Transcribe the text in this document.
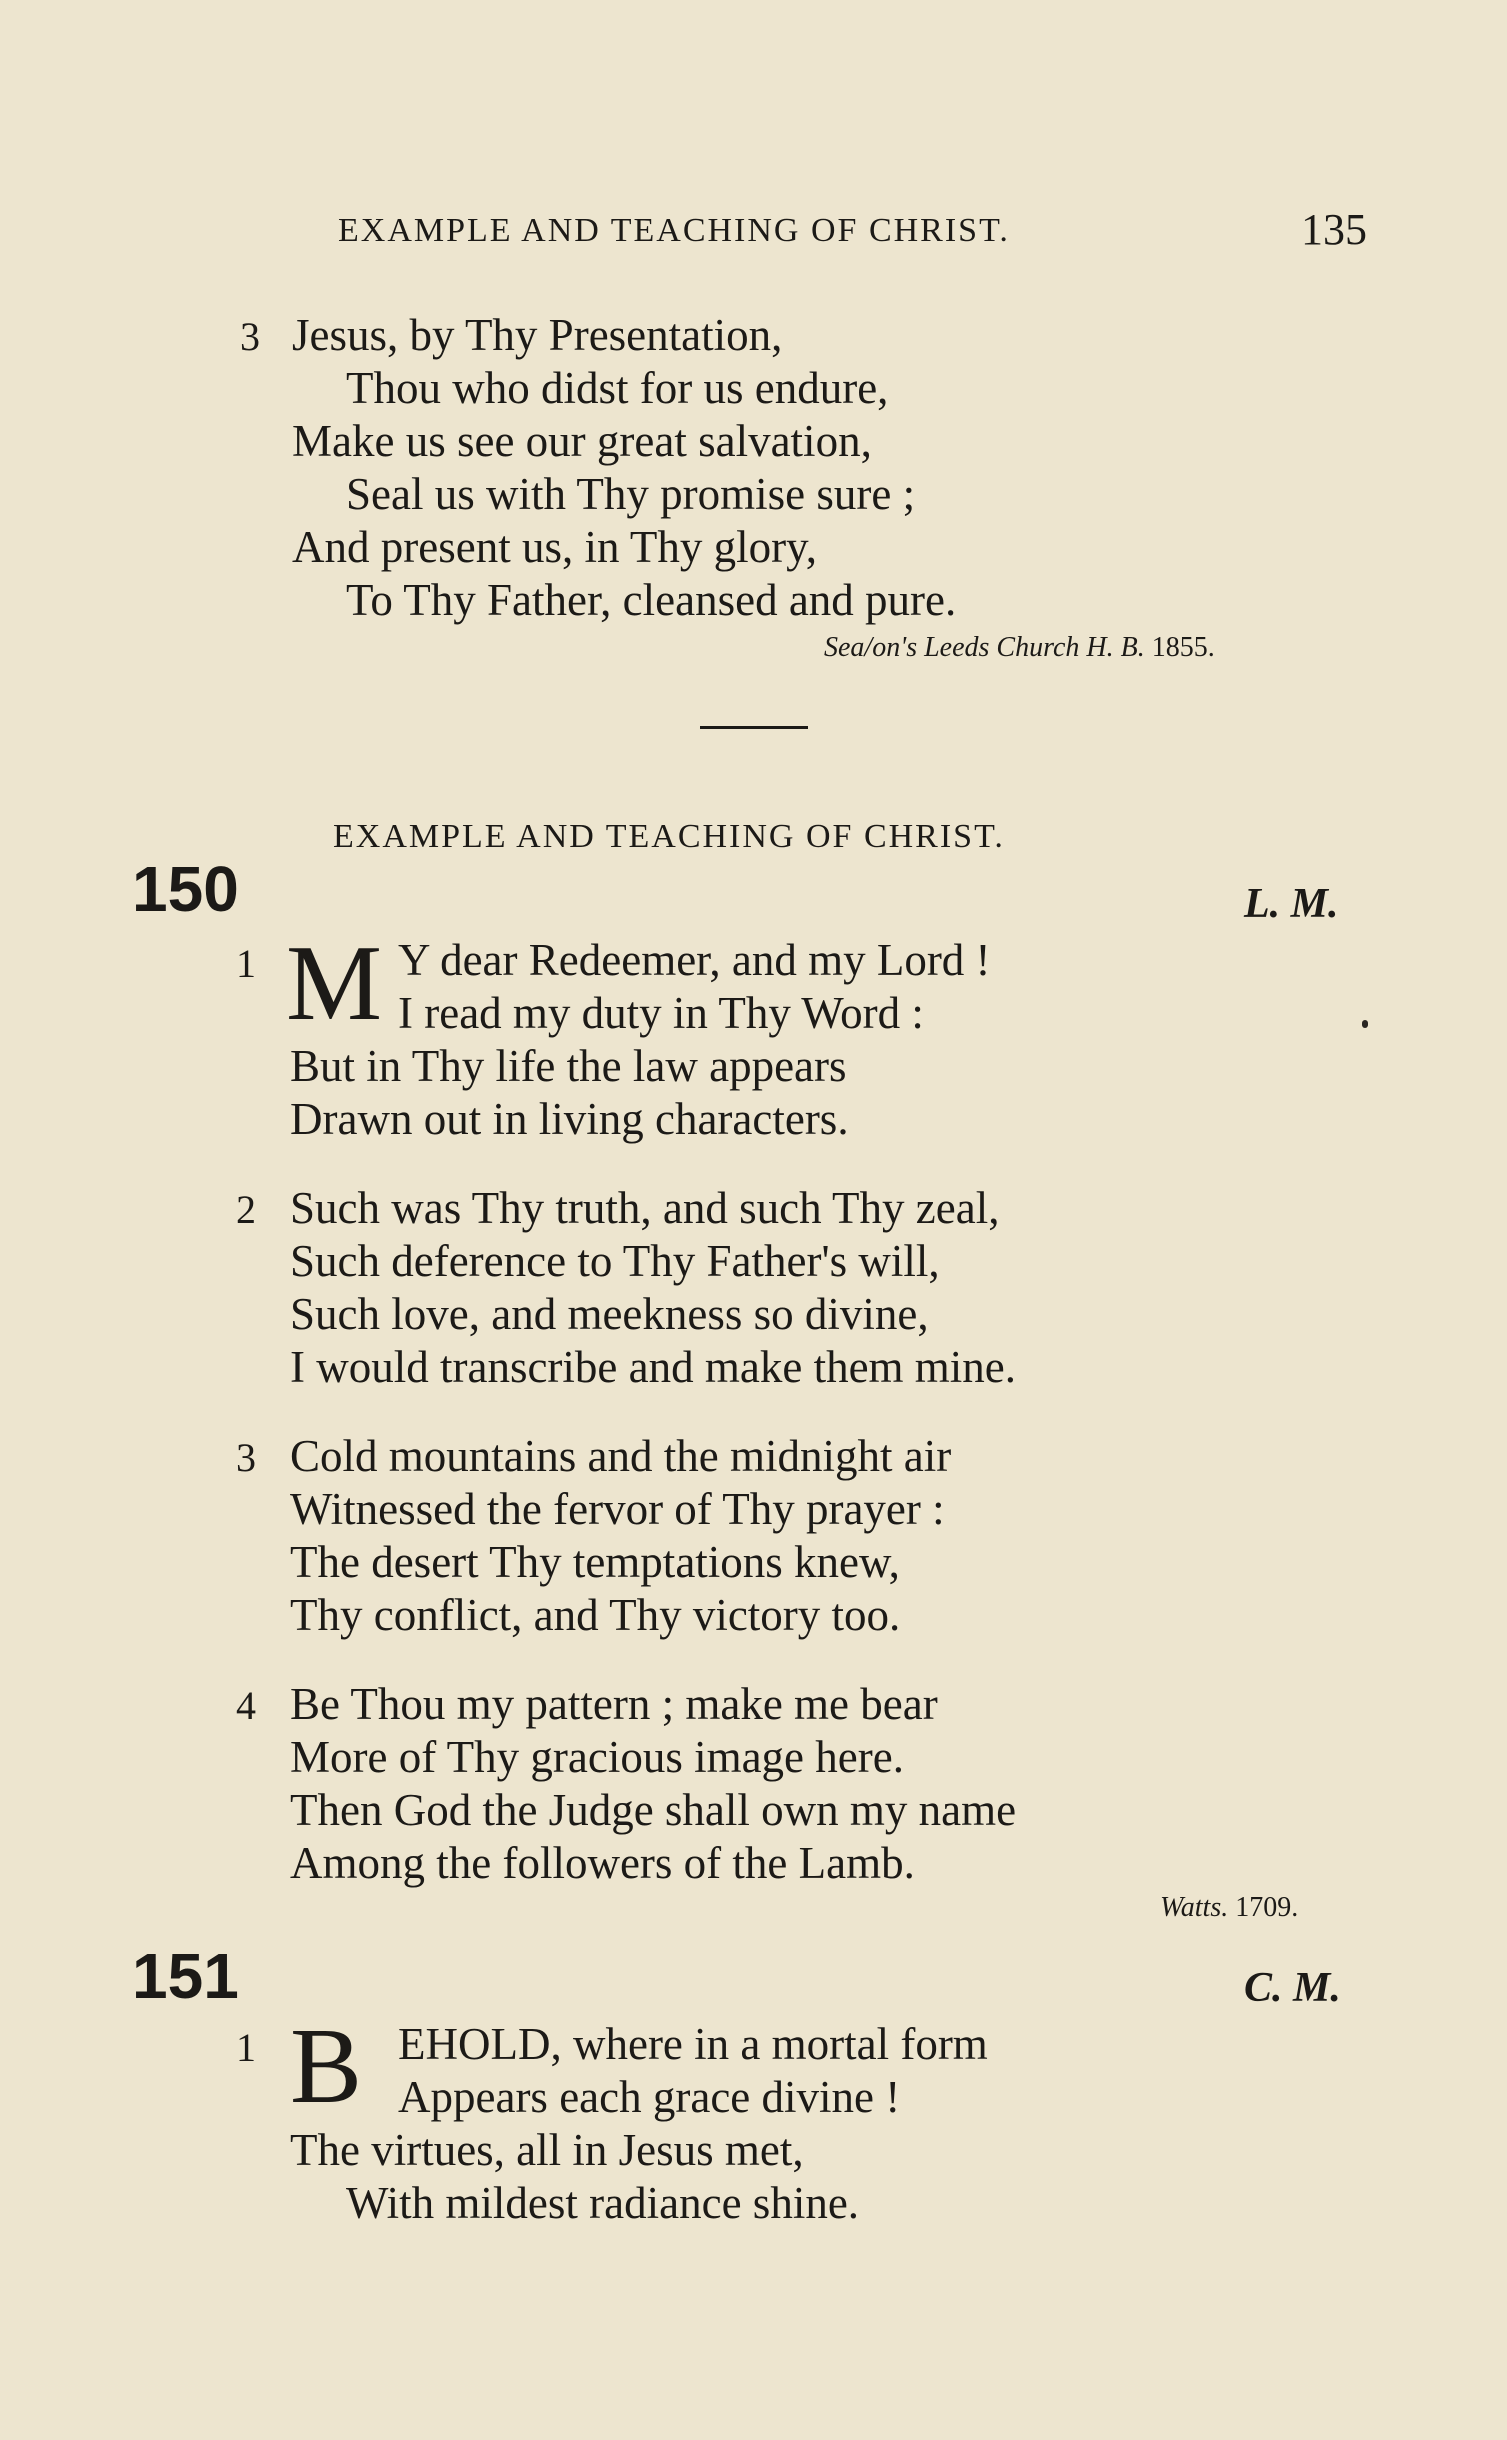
EXAMPLE AND TEACHING OF CHRIST.	135
3 Jesus, by Thy Presentation,
Thou who didst for us endure,
Make us see our great salvation,
Seal us with Thy promise sure ;
And present us, in Thy glory,
To Thy Father, cleansed and pure.
Sea/on's Leeds Church H. B. 1855.
EXAMPLE AND TEACHING OF CHRIST.
150	L. M.
1 M Y dear Redeemer, and my Lord !
I read my duty in Thy Word :
But in Thy life the law appears
Drawn out in living characters.
2 Such was Thy truth, and such Thy zeal,
Such deference to Thy Father's will,
Such love, and meekness so divine,
I would transcribe and make them mine.
3 Cold mountains and the midnight air
Witnessed the fervor of Thy prayer :
The desert Thy temptations knew,
Thy conflict, and Thy victory too.
4 Be Thou my pattern ; make me bear
More of Thy gracious image here.
Then God the Judge shall own my name
Among the followers of the Lamb.
Watts. 1709.
151	C. M.
1 B EHOLD, where in a mortal form
Appears each grace divine !
The virtues, all in Jesus met,
With mildest radiance shine.
